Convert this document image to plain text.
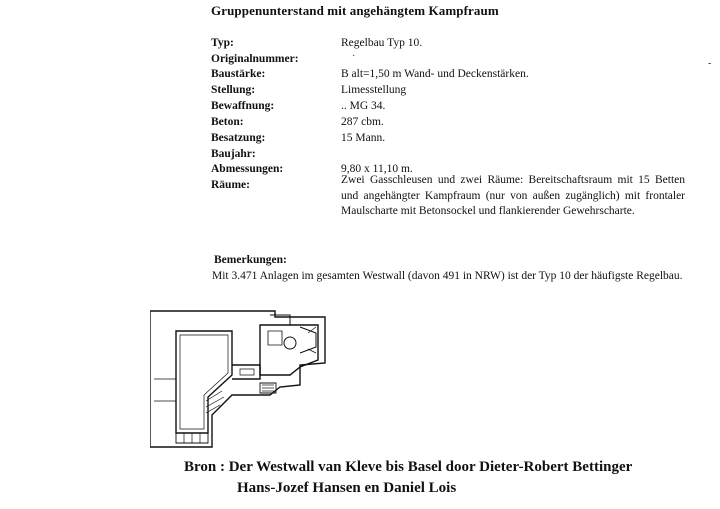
Gruppenunterstand mit angehängtem Kampfraum
Typ:	Regelbau Typ 10.
Originalnummer:
Baustärke:	B alt=1,50 m Wand- und Deckenstärken.
Stellung:	Limesstellung
Bewaffnung:	.. MG 34.
Beton:	287 cbm.
Besatzung:	15 Mann.
Baujahr:
Abmessungen:	9,80 x 11,10 m.
Räume:	Zwei Gasschleusen und zwei Räume: Bereitschaftsraum mit 15 Betten und angehängter Kampfraum (nur von außen zugänglich) mit frontaler Maulscharte mit Betonsockel und flankierender Gewehrscharte.
·
-
Bemerkungen:
Mit 3.471 Anlagen im gesamten Westwall (davon 491 in NRW) ist der Typ 10 der häufigste Regelbau.
Bron : Der Westwall van Kleve bis Basel door Dieter-Robert Bettinger
Hans-Jozef Hansen en Daniel Lois
